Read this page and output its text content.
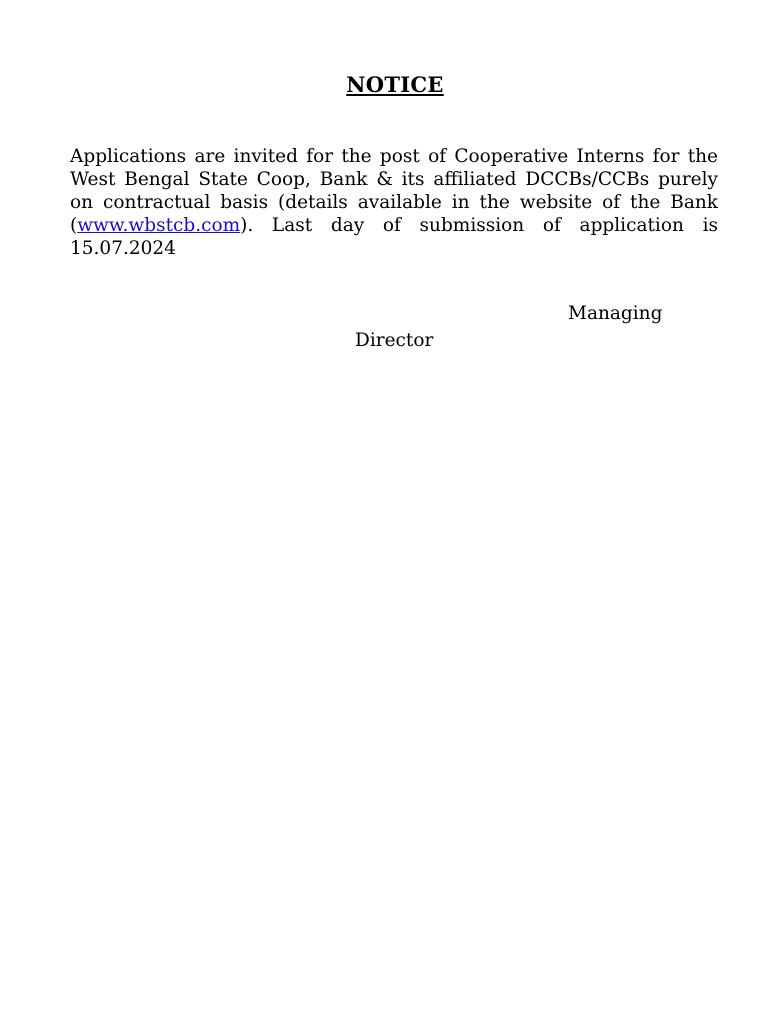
NOTICE
Applications are invited for the post of Cooperative Interns for the West Bengal State Coop, Bank & its affiliated DCCBs/CCBs purely on contractual basis (details available in the website of the Bank (www.wbstcb.com). Last day of submission of application is 15.07.2024
Managing
Director
